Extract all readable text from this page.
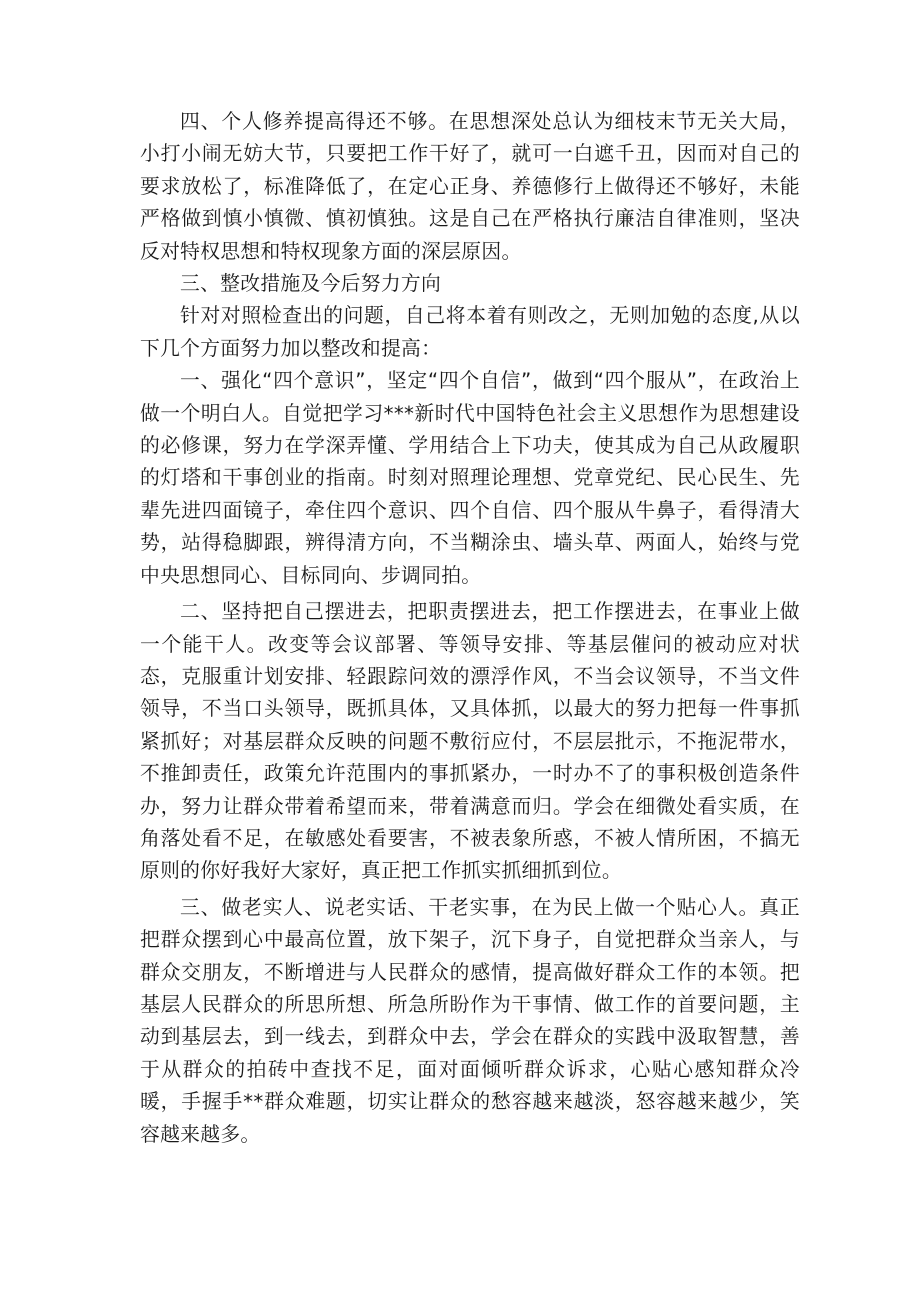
四、个人修养提高得还不够。在思想深处总认为细枝末节无关大局，小打小闹无妨大节，只要把工作干好了，就可一白遮千丑，因而对自己的要求放松了，标准降低了，在定心正身、养德修行上做得还不够好，未能严格做到慎小慎微、慎初慎独。这是自己在严格执行廉洁自律准则，坚决反对特权思想和特权现象方面的深层原因。

三、整改措施及今后努力方向

针对对照检查出的问题，自己将本着有则改之，无则加勉的态度,从以下几个方面努力加以整改和提高：

一、强化“四个意识”，坚定“四个自信”，做到“四个服从”，在政治上做一个明白人。自觉把学习***新时代中国特色社会主义思想作为思想建设的必修课，努力在学深弄懂、学用结合上下功夫，使其成为自己从政履职的灯塔和干事创业的指南。时刻对照理论理想、党章党纪、民心民生、先辈先进四面镜子，牵住四个意识、四个自信、四个服从牛鼻子，看得清大势，站得稳脚跟，辨得清方向，不当糊涂虫、墙头草、两面人，始终与党中央思想同心、目标同向、步调同拍。

二、坚持把自己摆进去，把职责摆进去，把工作摆进去，在事业上做一个能干人。改变等会议部署、等领导安排、等基层催问的被动应对状态，克服重计划安排、轻跟踪问效的漂浮作风，不当会议领导，不当文件领导，不当口头领导，既抓具体，又具体抓，以最大的努力把每一件事抓紧抓好；对基层群众反映的问题不敷衍应付，不层层批示，不拖泥带水，不推卸责任，政策允许范围内的事抓紧办，一时办不了的事积极创造条件办，努力让群众带着希望而来，带着满意而归。学会在细微处看实质，在角落处看不足，在敏感处看要害，不被表象所惑，不被人情所困，不搞无原则的你好我好大家好，真正把工作抓实抓细抓到位。

三、做老实人、说老实话、干老实事，在为民上做一个贴心人。真正把群众摆到心中最高位置，放下架子，沉下身子，自觉把群众当亲人，与群众交朋友，不断增进与人民群众的感情，提高做好群众工作的本领。把基层人民群众的所思所想、所急所盼作为干事情、做工作的首要问题，主动到基层去，到一线去，到群众中去，学会在群众的实践中汲取智慧，善于从群众的拍砖中查找不足，面对面倾听群众诉求，心贴心感知群众冷暖，手握手**群众难题，切实让群众的愁容越来越淡，怒容越来越少，笑容越来越多。
